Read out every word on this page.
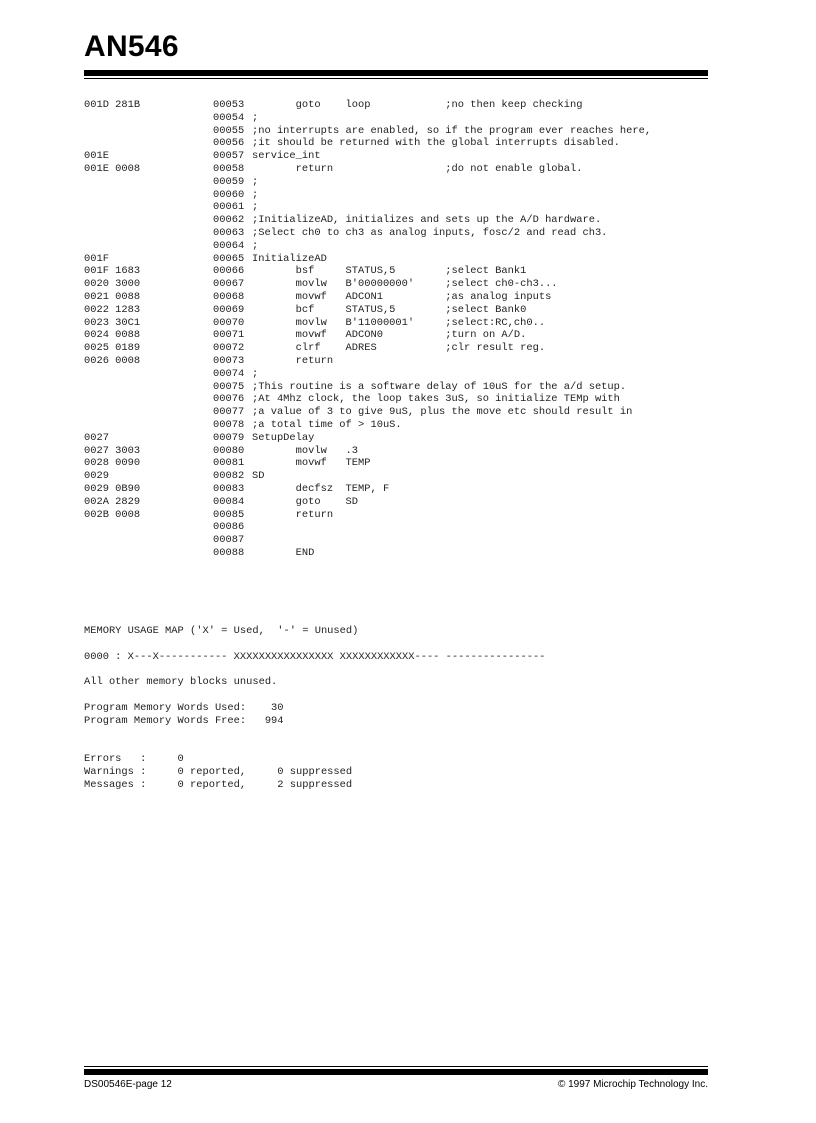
AN546
001D 281B	00053 goto    loop            ;no then keep checking
00054 ;
00055 ;no interrupts are enabled, so if the program ever reaches here,
00056 ;it should be returned with the global interrupts disabled.
001E	00057 service_int
001E 0008	00058 return                  ;do not enable global.
00059 ;
00060 ;
00061 ;
00062 ;InitializeAD, initializes and sets up the A/D hardware.
00063 ;Select ch0 to ch3 as analog inputs, fosc/2 and read ch3.
00064 ;
001F	00065 InitializeAD
001F 1683	00066 bsf     STATUS,5        ;select Bank1
0020 3000	00067 movlw   B'00000000'     ;select ch0-ch3...
0021 0088	00068 movwf   ADCON1          ;as analog inputs
0022 1283	00069 bcf     STATUS,5        ;select Bank0
0023 30C1	00070 movlw   B'11000001'     ;select:RC,ch0..
0024 0088	00071 movwf   ADCON0          ;turn on A/D.
0025 0189	00072 clrf    ADRES           ;clr result reg.
0026 0008	00073 return
00074 ;
00075 ;This routine is a software delay of 10uS for the a/d setup.
00076 ;At 4Mhz clock, the loop takes 3uS, so initialize TEMp with
00077 ;a value of 3 to give 9uS, plus the move etc should result in
00078 ;a total time of > 10uS.
0027	00079 SetupDelay
0027 3003	00080 movlw   .3
0028 0090	00081 movwf   TEMP
0029	00082 SD
0029 0B90	00083 decfsz  TEMP, F
002A 2829	00084 goto    SD
002B 0008	00085 return
00086
00087
00088 END
MEMORY USAGE MAP ('X' = Used,  '-' = Unused)
0000 : X---X----------- XXXXXXXXXXXXXXXX XXXXXXXXXXXX---- ----------------
All other memory blocks unused.
Program Memory Words Used:    30
Program Memory Words Free:   994
Errors   :     0
Warnings :     0 reported,     0 suppressed
Messages :     0 reported,     2 suppressed
DS00546E-page 12	© 1997 Microchip Technology Inc.
